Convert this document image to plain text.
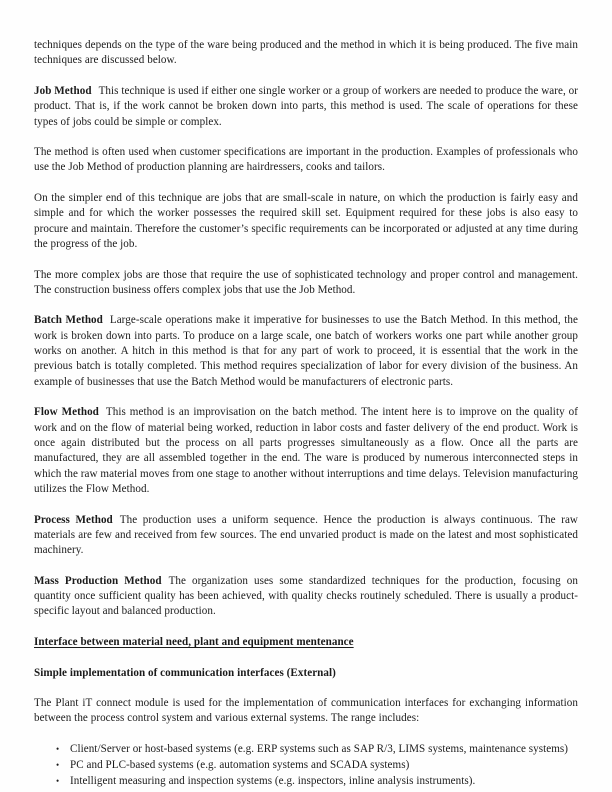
techniques depends on the type of the ware being produced and the method in which it is being produced. The five main techniques are discussed below.

Job Method This technique is used if either one single worker or a group of workers are needed to produce the ware, or product. That is, if the work cannot be broken down into parts, this method is used. The scale of operations for these types of jobs could be simple or complex.

The method is often used when customer specifications are important in the production. Examples of professionals who use the Job Method of production planning are hairdressers, cooks and tailors.

On the simpler end of this technique are jobs that are small-scale in nature, on which the production is fairly easy and simple and for which the worker possesses the required skill set. Equipment required for these jobs is also easy to procure and maintain. Therefore the customer’s specific requirements can be incorporated or adjusted at any time during the progress of the job.

The more complex jobs are those that require the use of sophisticated technology and proper control and management. The construction business offers complex jobs that use the Job Method.

Batch Method Large-scale operations make it imperative for businesses to use the Batch Method. In this method, the work is broken down into parts. To produce on a large scale, one batch of workers works one part while another group works on another. A hitch in this method is that for any part of work to proceed, it is essential that the work in the previous batch is totally completed. This method requires specialization of labor for every division of the business. An example of businesses that use the Batch Method would be manufacturers of electronic parts.

Flow Method This method is an improvisation on the batch method. The intent here is to improve on the quality of work and on the flow of material being worked, reduction in labor costs and faster delivery of the end product. Work is once again distributed but the process on all parts progresses simultaneously as a flow. Once all the parts are manufactured, they are all assembled together in the end. The ware is produced by numerous interconnected steps in which the raw material moves from one stage to another without interruptions and time delays. Television manufacturing utilizes the Flow Method.

Process Method The production uses a uniform sequence. Hence the production is always continuous. The raw materials are few and received from few sources. The end unvaried product is made on the latest and most sophisticated machinery.

Mass Production Method The organization uses some standardized techniques for the production, focusing on quantity once sufficient quality has been achieved, with quality checks routinely scheduled. There is usually a product-specific layout and balanced production.

Interface between material need, plant and equipment mentenance
Simple implementation of communication interfaces (External)

The Plant iT connect module is used for the implementation of communication interfaces for exchanging information between the process control system and various external systems. The range includes:

• Client/Server or host-based systems (e.g. ERP systems such as SAP R/3, LIMS systems, maintenance systems)
• PC and PLC-based systems (e.g. automation systems and SCADA systems)
• Intelligent measuring and inspection systems (e.g. inspectors, inline analysis instruments).
